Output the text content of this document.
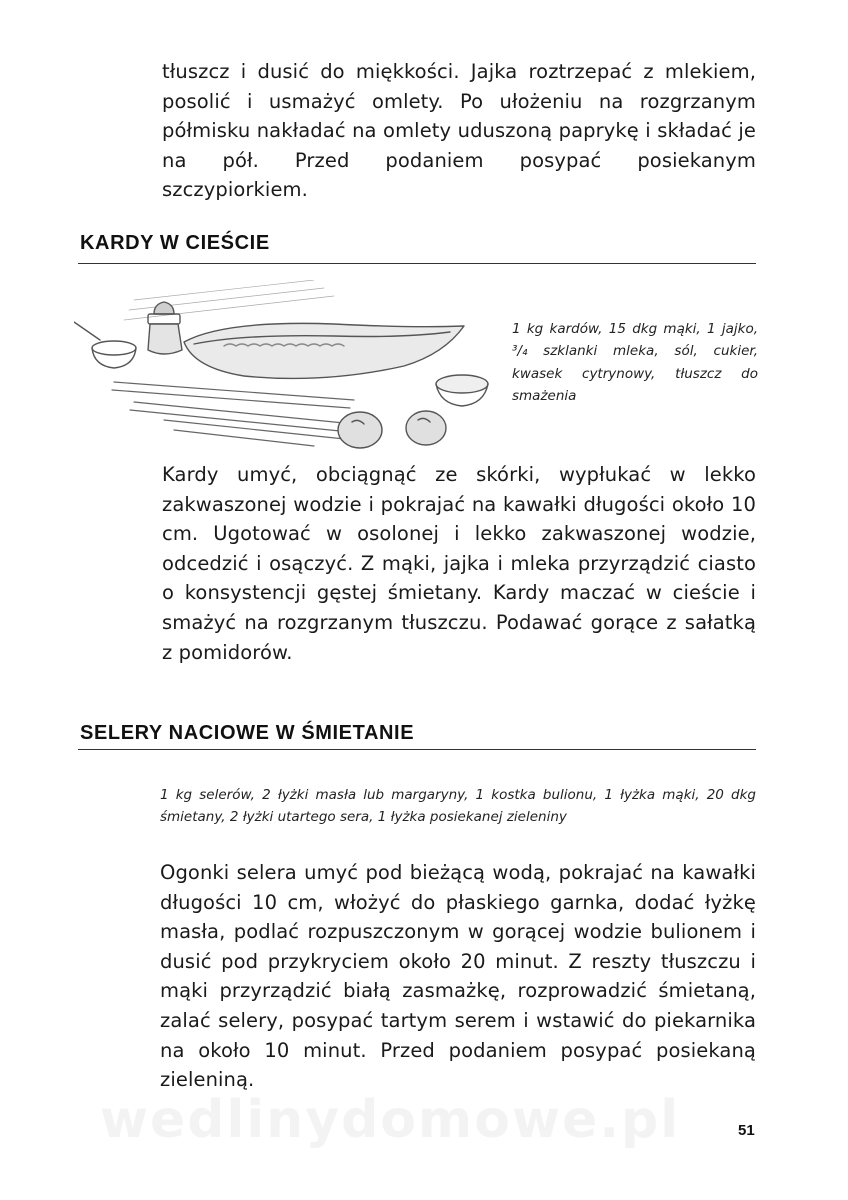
tłuszcz i dusić do miękkości. Jajka roztrzepać z mlekiem, posolić i usmażyć omlety. Po ułożeniu na rozgrzanym półmisku nakładać na omlety uduszoną paprykę i składać je na pół. Przed podaniem posypać posiekanym szczypiorkiem.

KARDY W CIEŚCIE

1 kg kardów, 15 dkg mąki, 1 jajko, ³/₄ szklanki mleka, sól, cukier, kwasek cytrynowy, tłuszcz do smażenia

Kardy umyć, obciągnąć ze skórki, wypłukać w lekko zakwaszonej wodzie i pokrajać na kawałki długości około 10 cm. Ugotować w osolonej i lekko zakwaszonej wodzie, odcedzić i osączyć. Z mąki, jajka i mleka przyrządzić ciasto o konsystencji gęstej śmietany. Kardy maczać w cieście i smażyć na rozgrzanym tłuszczu. Podawać gorące z sałatką z pomidorów.

SELERY NACIOWE W ŚMIETANIE

1 kg selerów, 2 łyżki masła lub margaryny, 1 kostka bulionu, 1 łyżka mąki, 20 dkg śmietany, 2 łyżki utartego sera, 1 łyżka posiekanej zieleniny

Ogonki selera umyć pod bieżącą wodą, pokrajać na kawałki długości 10 cm, włożyć do płaskiego garnka, dodać łyżkę masła, podlać rozpuszczonym w gorącej wodzie bulionem i dusić pod przykryciem około 20 minut. Z reszty tłuszczu i mąki przyrządzić białą zasmażkę, rozprowadzić śmietaną, zalać selery, posypać tartym serem i wstawić do piekarnika na około 10 minut. Przed podaniem posypać posiekaną zieleniną.

wedlinydomowe.pl	51
